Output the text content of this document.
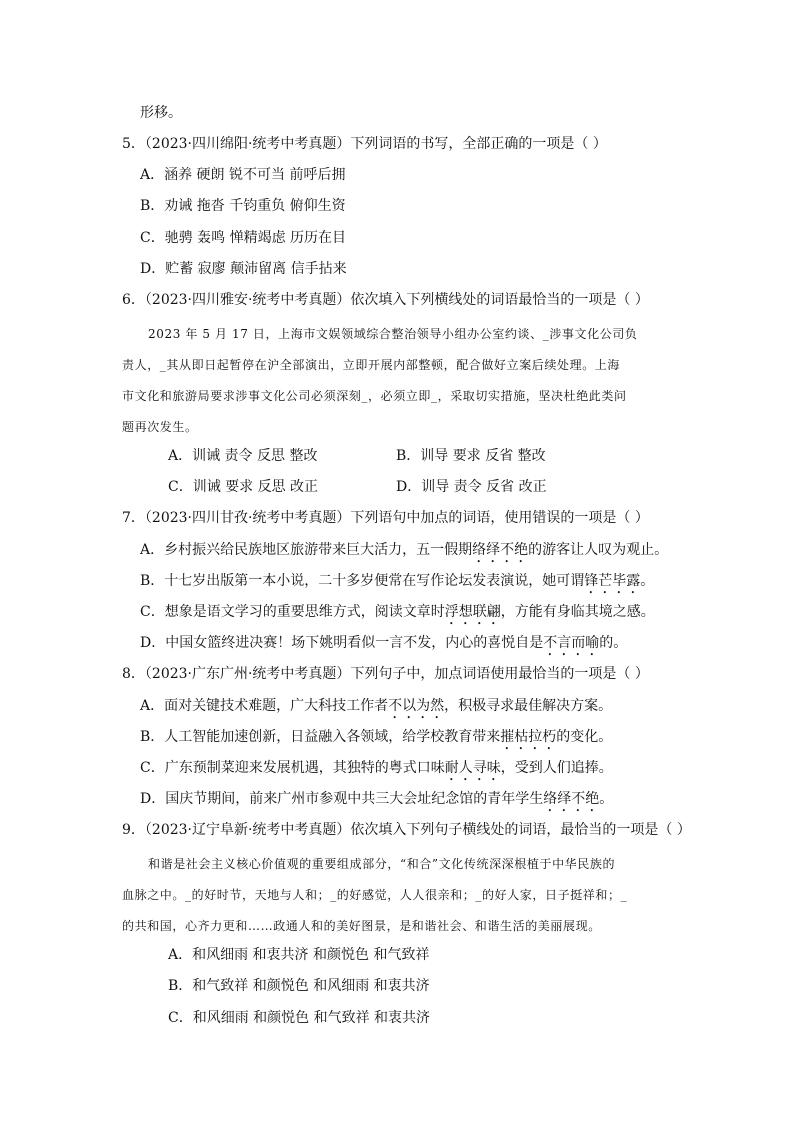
形移。
5．（2023·四川绵阳·统考中考真题）下列词语的书写，全部正确的一项是（ ）
A．涵养 硬朗 锐不可当 前呼后拥
B．劝诫 拖沓 千钧重负 俯仰生资
C．驰骋 轰鸣 惮精竭虑 历历在目
D．贮蓄 寂廖 颠沛留离 信手拈来
6．（2023·四川雅安·统考中考真题）依次填入下列横线处的词语最恰当的一项是（ ）
2023 年 5 月 17 日，上海市文娱领域综合整治领导小组办公室约谈、_涉事文化公司负
责人，_其从即日起暂停在沪全部演出，立即开展内部整顿，配合做好立案后续处理。上海
市文化和旅游局要求涉事文化公司必须深刻_，必须立即_，采取切实措施，坚决杜绝此类问
题再次发生。
A．训诫 责令 反思 整改	B．训导 要求 反省 整改
C．训诫 要求 反思 改正	D．训导 责令 反省 改正
7．（2023·四川甘孜·统考中考真题）下列语句中加点的词语，使用错误的一项是（ ）
A．乡村振兴给民族地区旅游带来巨大活力，五一假期络绎不绝的游客让人叹为观止。
B．十七岁出版第一本小说，二十多岁便常在写作论坛发表演说，她可谓锋芒毕露。
C．想象是语文学习的重要思维方式，阅读文章时浮想联翩，方能有身临其境之感。
D．中国女篮终进决赛！场下姚明看似一言不发，内心的喜悦自是不言而喻的。
8．（2023·广东广州·统考中考真题）下列句子中，加点词语使用最恰当的一项是（ ）
A．面对关键技术难题，广大科技工作者不以为然，积极寻求最佳解决方案。
B．人工智能加速创新，日益融入各领域，给学校教育带来摧枯拉朽的变化。
C．广东预制菜迎来发展机遇，其独特的粤式口味耐人寻味，受到人们追捧。
D．国庆节期间，前来广州市参观中共三大会址纪念馆的青年学生络绎不绝。
9．（2023·辽宁阜新·统考中考真题）依次填入下列句子横线处的词语，最恰当的一项是（ ）
和谐是社会主义核心价值观的重要组成部分，“和合”文化传统深深根植于中华民族的
血脉之中。_的好时节，天地与人和；_的好感觉，人人很亲和；_的好人家，日子挺祥和；_
的共和国，心齐力更和……政通人和的美好图景，是和谐社会、和谐生活的美丽展现。
A．和风细雨 和衷共济 和颜悦色 和气致祥
B．和气致祥 和颜悦色 和风细雨 和衷共济
C．和风细雨 和颜悦色 和气致祥 和衷共济
